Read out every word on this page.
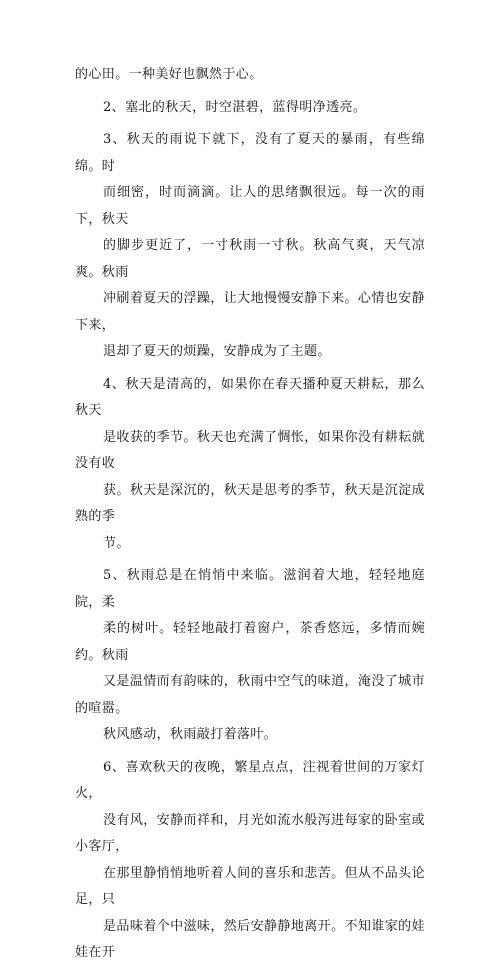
的心田。一种美好也飘然于心。

2、塞北的秋天，时空湛碧，蓝得明净透亮。

3、秋天的雨说下就下，没有了夏天的暴雨，有些绵绵。时
而细密，时而滴滴。让人的思绪飘很远。每一次的雨下，秋天
的脚步更近了，一寸秋雨一寸秋。秋高气爽，天气凉爽。秋雨
冲刷着夏天的浮躁，让大地慢慢安静下来。心情也安静下来，
退却了夏天的烦躁，安静成为了主题。

4、秋天是清高的，如果你在春天播种夏天耕耘，那么秋天
是收获的季节。秋天也充满了惆怅，如果你没有耕耘就没有收
获。秋天是深沉的，秋天是思考的季节，秋天是沉淀成熟的季
节。

5、秋雨总是在悄悄中来临。滋润着大地，轻轻地庭院，柔
柔的树叶。轻轻地敲打着窗户，茶香悠远，多情而婉约。秋雨
又是温情而有韵味的，秋雨中空气的味道，淹没了城市的喧嚣。
秋风感动，秋雨敲打着落叶。

6、喜欢秋天的夜晚，繁星点点，注视着世间的万家灯火，
没有风，安静而祥和，月光如流水般泻进每家的卧室或小客厅，
在那里静悄悄地听着人间的喜乐和悲苦。但从不品头论足，只
是品味着个中滋味，然后安静静地离开。不知谁家的娃娃在开
